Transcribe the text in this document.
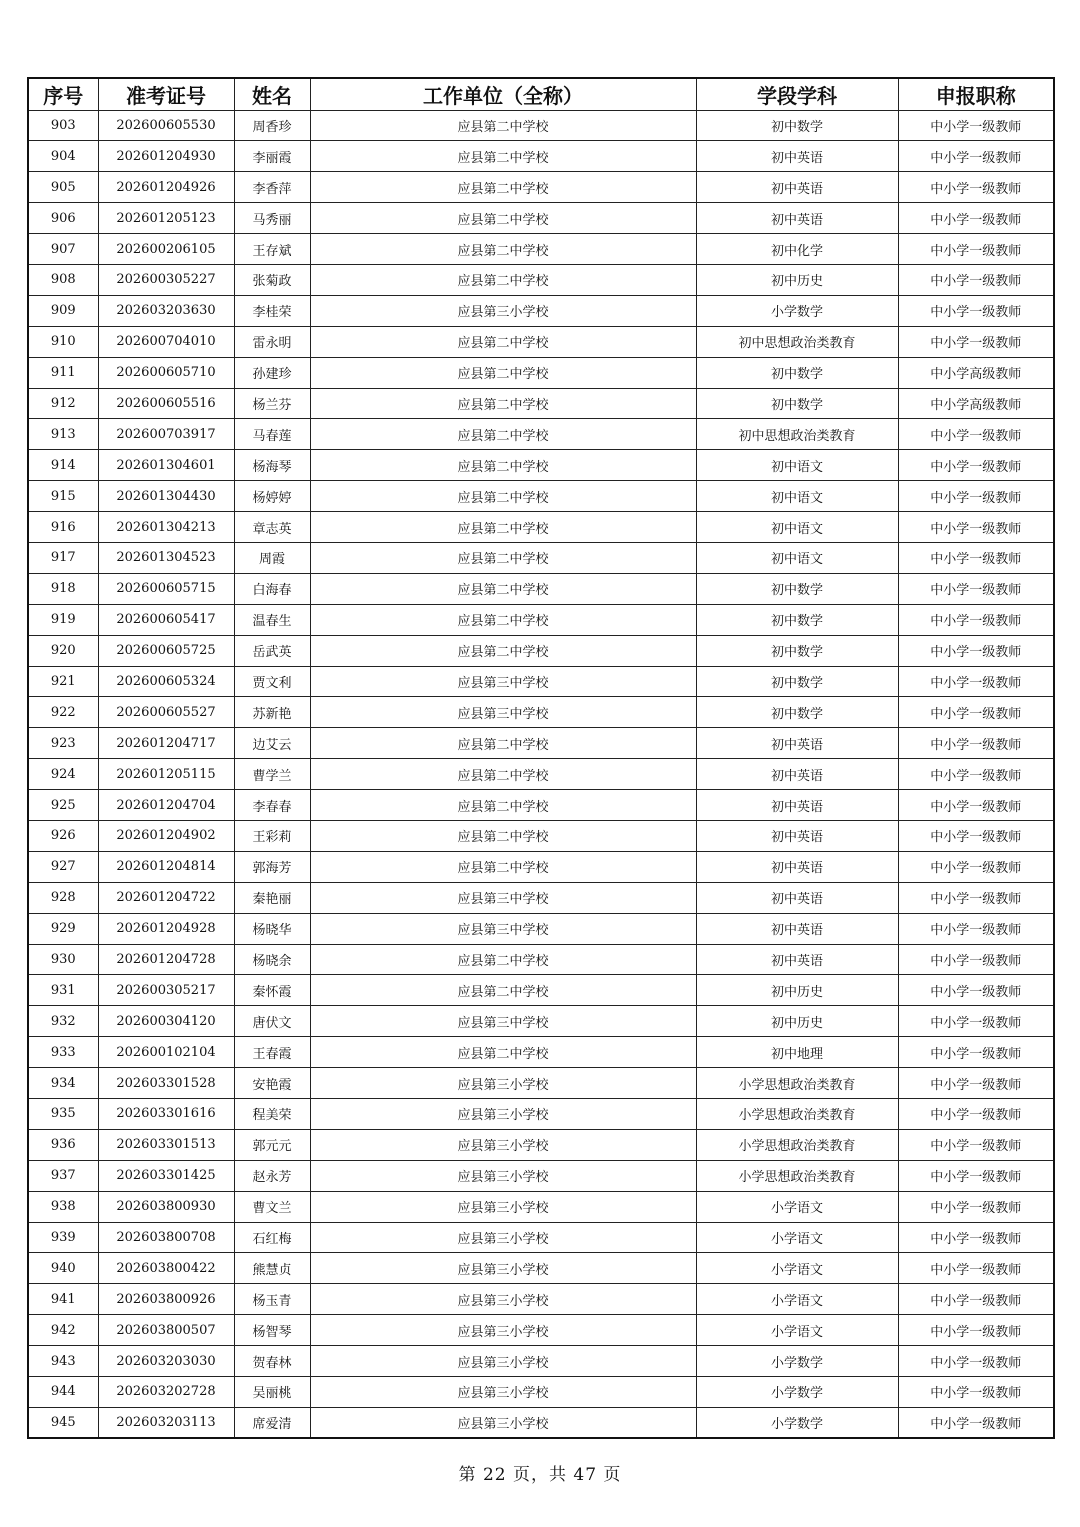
序号	准考证号	姓名	工作单位（全称）	学段学科	申报职称
903	202600605530	周香珍	应县第二中学校	初中数学	中小学一级教师
904	202601204930	李丽霞	应县第二中学校	初中英语	中小学一级教师
905	202601204926	李香萍	应县第二中学校	初中英语	中小学一级教师
906	202601205123	马秀丽	应县第二中学校	初中英语	中小学一级教师
907	202600206105	王存斌	应县第二中学校	初中化学	中小学一级教师
908	202600305227	张菊政	应县第二中学校	初中历史	中小学一级教师
909	202603203630	李桂荣	应县第三小学校	小学数学	中小学一级教师
910	202600704010	雷永明	应县第二中学校	初中思想政治类教育	中小学一级教师
911	202600605710	孙建珍	应县第二中学校	初中数学	中小学高级教师
912	202600605516	杨兰芬	应县第二中学校	初中数学	中小学高级教师
913	202600703917	马春莲	应县第二中学校	初中思想政治类教育	中小学一级教师
914	202601304601	杨海琴	应县第二中学校	初中语文	中小学一级教师
915	202601304430	杨婷婷	应县第二中学校	初中语文	中小学一级教师
916	202601304213	章志英	应县第二中学校	初中语文	中小学一级教师
917	202601304523	周霞	应县第二中学校	初中语文	中小学一级教师
918	202600605715	白海春	应县第二中学校	初中数学	中小学一级教师
919	202600605417	温春生	应县第二中学校	初中数学	中小学一级教师
920	202600605725	岳武英	应县第二中学校	初中数学	中小学一级教师
921	202600605324	贾文利	应县第三中学校	初中数学	中小学一级教师
922	202600605527	苏新艳	应县第三中学校	初中数学	中小学一级教师
923	202601204717	边艾云	应县第二中学校	初中英语	中小学一级教师
924	202601205115	曹学兰	应县第二中学校	初中英语	中小学一级教师
925	202601204704	李春春	应县第二中学校	初中英语	中小学一级教师
926	202601204902	王彩莉	应县第二中学校	初中英语	中小学一级教师
927	202601204814	郭海芳	应县第二中学校	初中英语	中小学一级教师
928	202601204722	秦艳丽	应县第三中学校	初中英语	中小学一级教师
929	202601204928	杨晓华	应县第三中学校	初中英语	中小学一级教师
930	202601204728	杨晓余	应县第二中学校	初中英语	中小学一级教师
931	202600305217	秦怀霞	应县第二中学校	初中历史	中小学一级教师
932	202600304120	唐伏文	应县第三中学校	初中历史	中小学一级教师
933	202600102104	王春霞	应县第二中学校	初中地理	中小学一级教师
934	202603301528	安艳霞	应县第三小学校	小学思想政治类教育	中小学一级教师
935	202603301616	程美荣	应县第三小学校	小学思想政治类教育	中小学一级教师
936	202603301513	郭元元	应县第三小学校	小学思想政治类教育	中小学一级教师
937	202603301425	赵永芳	应县第三小学校	小学思想政治类教育	中小学一级教师
938	202603800930	曹文兰	应县第三小学校	小学语文	中小学一级教师
939	202603800708	石红梅	应县第三小学校	小学语文	中小学一级教师
940	202603800422	熊慧贞	应县第三小学校	小学语文	中小学一级教师
941	202603800926	杨玉青	应县第三小学校	小学语文	中小学一级教师
942	202603800507	杨智琴	应县第三小学校	小学语文	中小学一级教师
943	202603203030	贺春林	应县第三小学校	小学数学	中小学一级教师
944	202603202728	吴丽桃	应县第三小学校	小学数学	中小学一级教师
945	202603203113	席爱清	应县第三小学校	小学数学	中小学一级教师
第 22 页，共 47 页
